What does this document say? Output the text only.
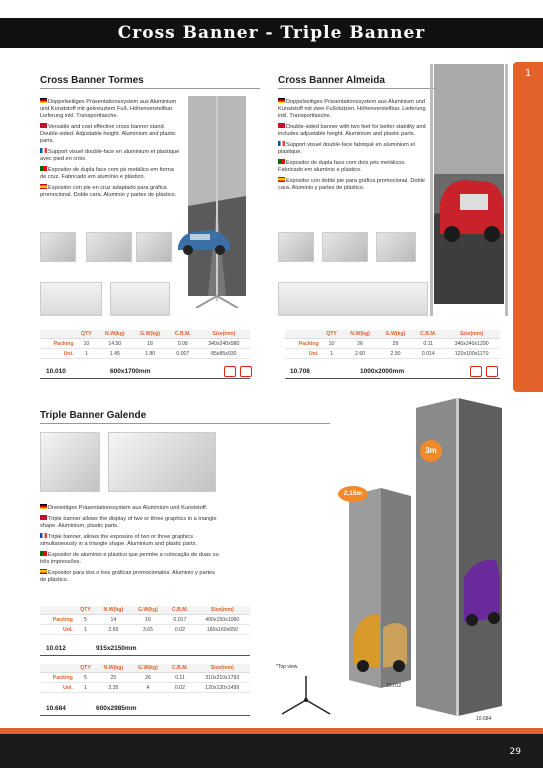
Cross Banner - Triple Banner
1
Cross Banner Tormes

Doppelseitiges Präsentationssystem aus Aluminium und Kunststoff mit gekreuztem Fuß. Höhenverstellbar. Lieferung inkl. Transporttasche.

Versatile and cost effective cross banner stand. Double-sided. Adjustable height. Aluminium and plastic parts.

Support visuel double-face en aluminium et plastique avec pied en croix.

Expositor de dupla face com pé metálico em forma de cruz. Fabricado em alumínio e plástico.

Expositor con pie en cruz adaptado para gráfica promocional. Doble cara. Aluminio y partes de plástico.

	QTY	N.W(kg)	G.W(kg)	C.B.M.	Size(mm)
Packing	10	14.50	18	0.08	340x240x980
Uni.	1	1.45	1.80	0.007	85x85x930
10.010	600x1700mm
Cross Banner Almeida

Doppelseitiges Präsentationssystem aus Aluminium und Kunststoff mit zwei Fußstützen. Höhenverstellbar. Lieferung inkl. Transporttasche.

Double-sided banner with two feet for better stability and includes adjustable height. Aluminium and plastic parts.

Support visuel double-face fabriqué en aluminium et plastique.

Expositor de dupla face com dois pés metálicos. Fabricado em alumínio e plástico.

Expositor con doble pie para gráfica promocional. Doble cara. Aluminio y partes de plástico.

	QTY	N.W(kg)	G.W(kg)	C.B.M.	Size(mm)
Packing	10	26	29	0.11	340x240x1290
Uni.	1	2.60	2.90	0.014	120x100x1170
10.708	1000x2000mm
Triple Banner Galende

Dreiseitiges Präsentationssystem aus Aluminium und Kunststoff.

Triple banner allows the display of two or three graphics in a triangle shape. Aluminium, plastic parts.

Triple banner, allows the exposure of two or three graphics simultaneously in a triangle shape. Aluminium and plastic parts.

Expositor de alumínio e plástico que permite a colocação de duas ou três impressões.

Expositor para dos o tres gráficas promocionales. Aluminio y partes de plástico.

	QTY	N.W(kg)	G.W(kg)	C.B.M.	Size(mm)
Packing	5	14	16	0.017	400x150x1060
Uni.	1	2.65	3.65	0.02	160x160x650
10.012	915x2150mm
	QTY	N.W(kg)	G.W(kg)	C.B.M.	Size(mm)
Packing	5	25	26	0.11	310x210x1793
Uni.	1	3.35	4	0.02	120x120x1499
10.684	600x2985mm
*Top view
2,15m
10.012
3m
10.684
29
